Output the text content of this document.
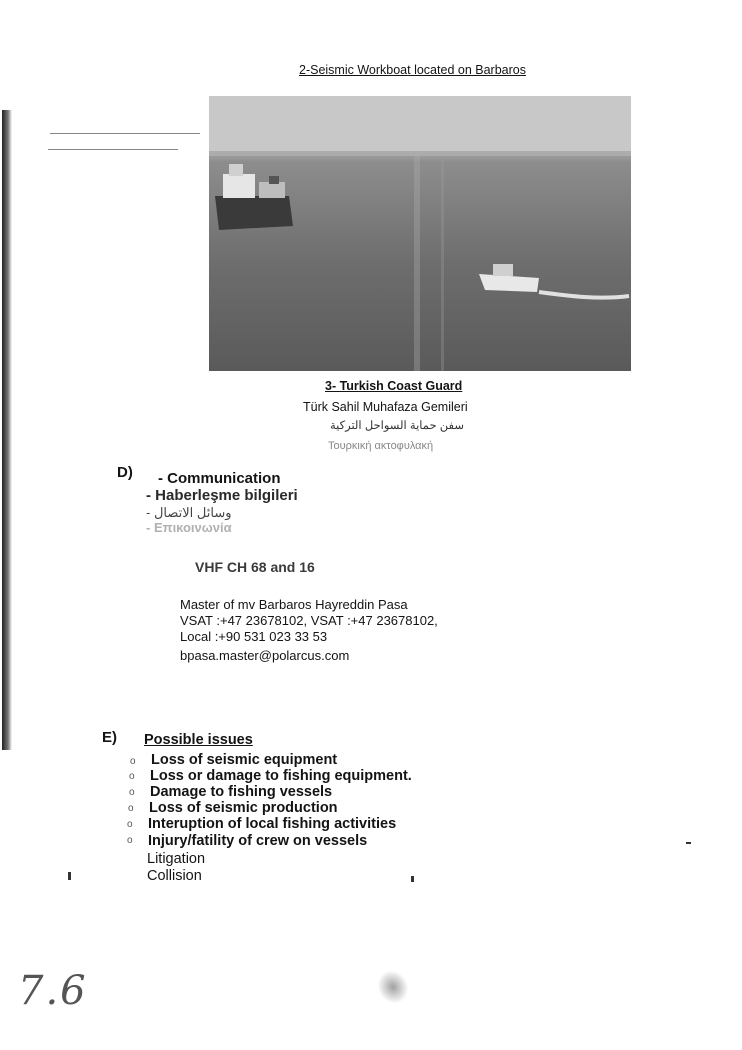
2-Seismic Workboat located on Barbaros
3- Turkish Coast Guard
Türk Sahil Muhafaza Gemileri
سفن حماية السواحل التركية
Τουρκική ακτοφυλακή
D) - Communication
- Haberleşme bilgileri
- وسائل الاتصال
- Επικοινωνία
VHF CH 68 and 16
Master of mv Barbaros Hayreddin Pasa
VSAT :+47 23678102, VSAT :+47 23678102,
Local :+90 531 023 33 53
bpasa.master@polarcus.com
E) Possible issues
o Loss of seismic equipment
o Loss or damage to fishing equipment.
o Damage to fishing vessels
o Loss of seismic production
o Interuption of local fishing activities
o Injury/fatility of crew on vessels
Litigation
Collision
7.6
